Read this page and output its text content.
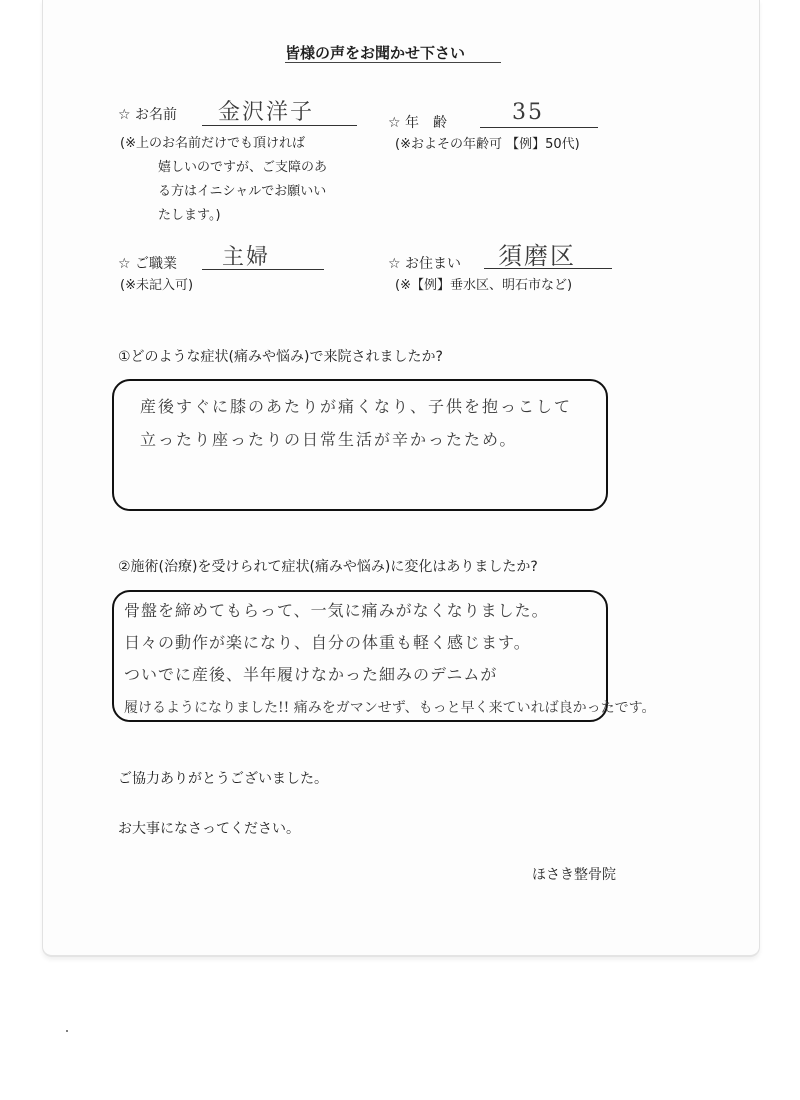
皆様の声をお聞かせ下さい
☆ お名前 金沢洋子
(※上のお名前だけでも頂ければ
嬉しいのですが、ご支障のあ
る方はイニシャルでお願いい
たします。)
☆ 年　齢	35
(※およその年齢可 【例】50代)
☆ ご職業 主婦
(※未記入可)
☆ お住まい 須磨区
(※【例】垂水区、明石市など)
①どのような症状(痛みや悩み)で来院されましたか?
産後すぐに膝のあたりが痛くなり、子供を抱っこして
立ったり座ったりの日常生活が辛かったため。
②施術(治療)を受けられて症状(痛みや悩み)に変化はありましたか?
骨盤を締めてもらって、一気に痛みがなくなりました。
日々の動作が楽になり、自分の体重も軽く感じます。
ついでに産後、半年履けなかった細みのデニムが
履けるようになりました!! 痛みをガマンせず、もっと早く来ていれば良かったです。
ご協力ありがとうございました。
お大事になさってください。
ほさき整骨院
